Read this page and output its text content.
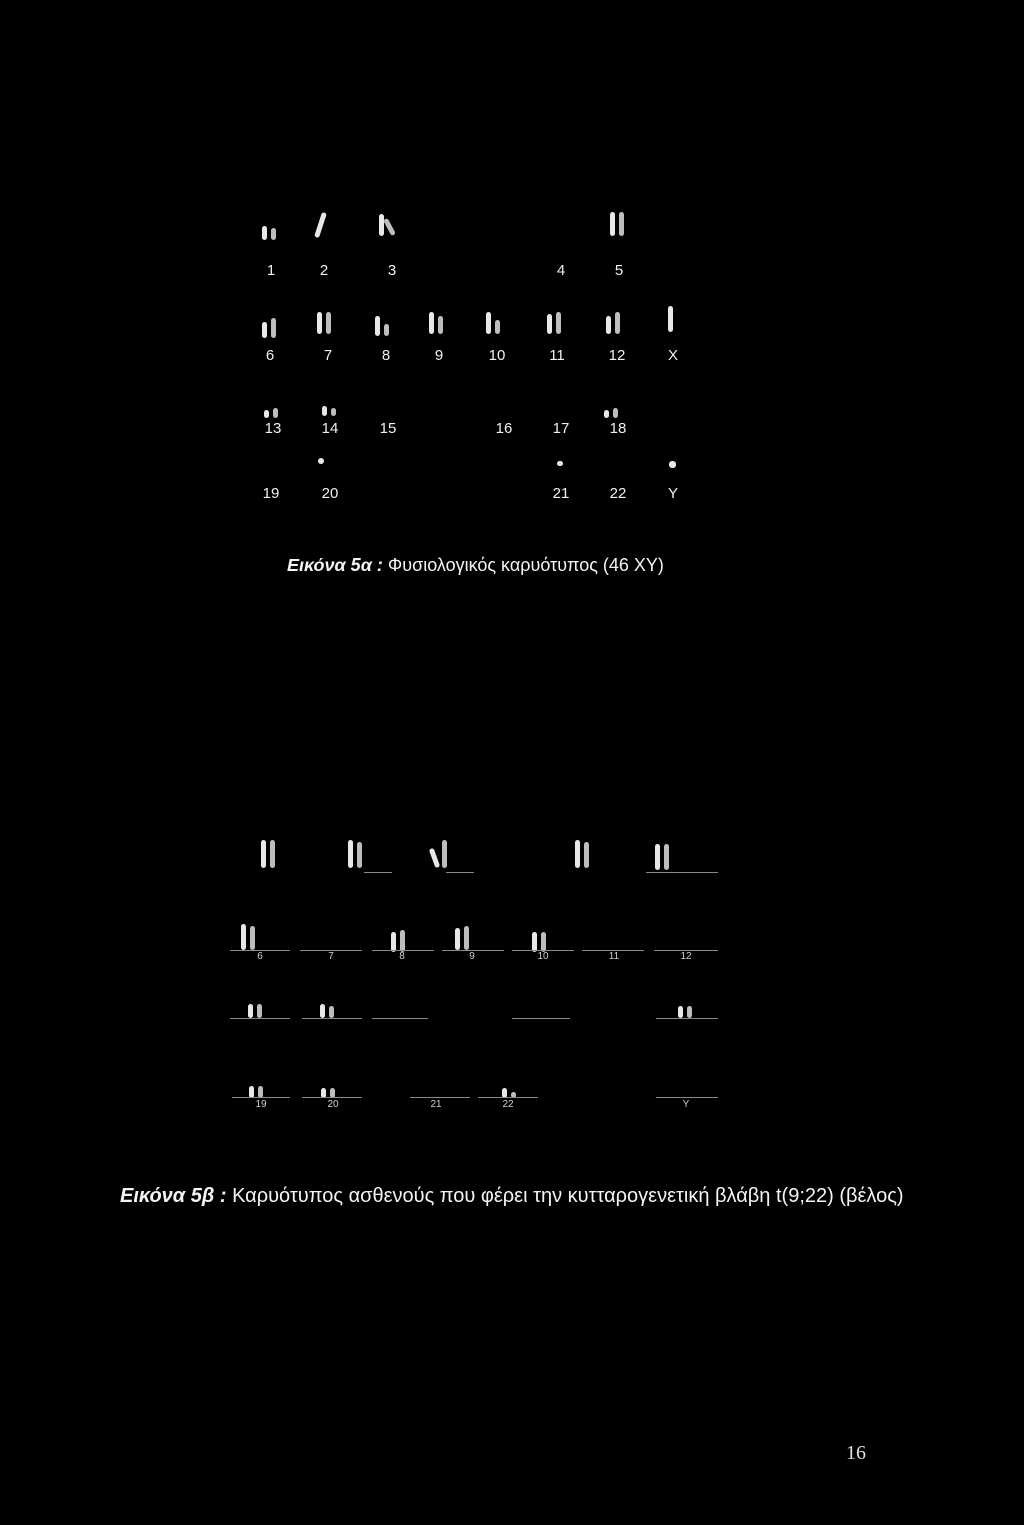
1	2	3	4	5
6	7	8	9	10	11	12	X
13	14	15	16	17	18
19	20	21	22	Y
Εικόνα 5α : Φυσιολογικός καρυότυπος (46 XY)
6	7	8	9	10	11	12
19	20	21	22	Y
Εικόνα 5β : Καρυότυπος ασθενούς που φέρει την κυτταρογενετική βλάβη t(9;22) (βέλος)
16
